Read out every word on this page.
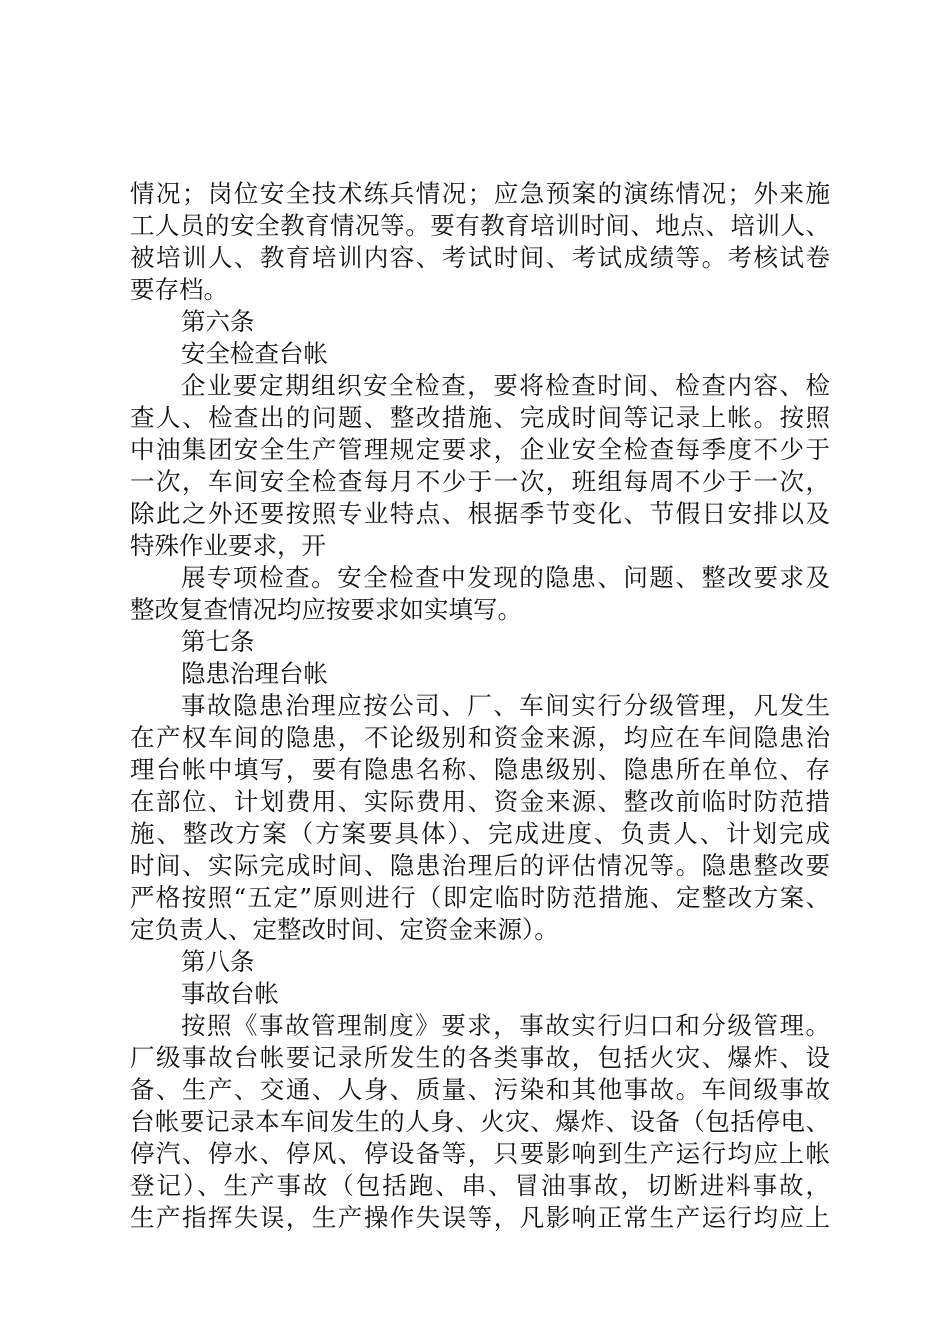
情况；岗位安全技术练兵情况；应急预案的演练情况；外来施
工人员的安全教育情况等。要有教育培训时间、地点、培训人、
被培训人、教育培训内容、考试时间、考试成绩等。考核试卷
要存档。
第六条
安全检查台帐
企业要定期组织安全检查，要将检查时间、检查内容、检
查人、检查出的问题、整改措施、完成时间等记录上帐。按照
中油集团安全生产管理规定要求，企业安全检查每季度不少于
一次，车间安全检查每月不少于一次，班组每周不少于一次，
除此之外还要按照专业特点、根据季节变化、节假日安排以及
特殊作业要求，开
展专项检查。安全检查中发现的隐患、问题、整改要求及
整改复查情况均应按要求如实填写。
第七条
隐患治理台帐
事故隐患治理应按公司、厂、车间实行分级管理，凡发生
在产权车间的隐患，不论级别和资金来源，均应在车间隐患治
理台帐中填写，要有隐患名称、隐患级别、隐患所在单位、存
在部位、计划费用、实际费用、资金来源、整改前临时防范措
施、整改方案（方案要具体）、完成进度、负责人、计划完成
时间、实际完成时间、隐患治理后的评估情况等。隐患整改要
严格按照“五定”原则进行（即定临时防范措施、定整改方案、
定负责人、定整改时间、定资金来源）。
第八条
事故台帐
按照《事故管理制度》要求，事故实行归口和分级管理。
厂级事故台帐要记录所发生的各类事故，包括火灾、爆炸、设
备、生产、交通、人身、质量、污染和其他事故。车间级事故
台帐要记录本车间发生的人身、火灾、爆炸、设备（包括停电、
停汽、停水、停风、停设备等，只要影响到生产运行均应上帐
登记）、生产事故（包括跑、串、冒油事故，切断进料事故，
生产指挥失误，生产操作失误等，凡影响正常生产运行均应上
